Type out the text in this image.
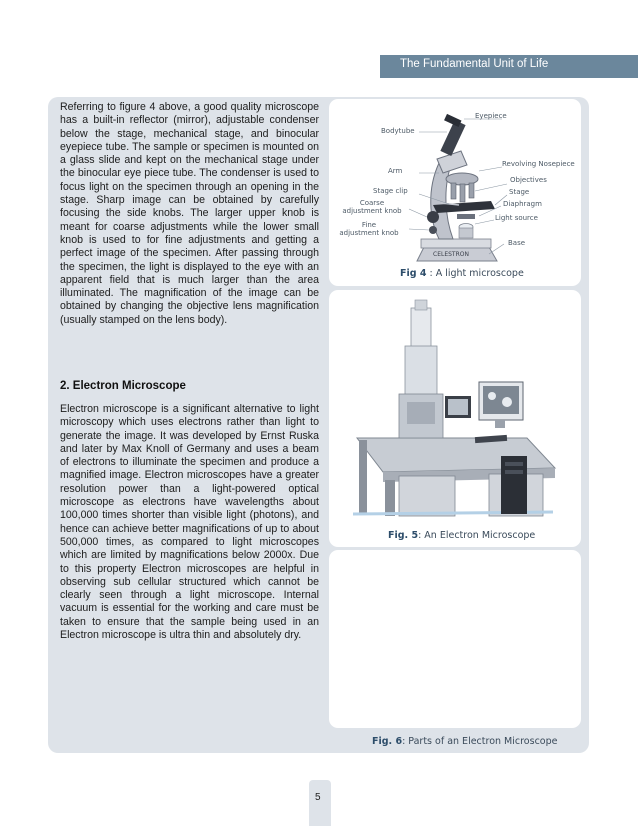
The Fundamental Unit of Life

Referring to figure 4 above, a good quality microscope has a built-in reflector (mirror), adjustable condenser below the stage, mechanical stage, and binocular eyepiece tube. The sample or specimen is mounted on a glass slide and kept on the mechanical stage under the binocular eye piece tube. The condenser is used to focus light on the specimen through an opening in the stage. Sharp image can be obtained by carefully focusing the side knobs. The larger upper knob is meant for coarse adjustments while the lower small knob is used to for fine adjustments and getting a perfect image of the specimen. After passing through the specimen, the light is displayed to the eye with an apparent field that is much larger than the area illuminated. The magnification of the image can be obtained by changing the objective lens magnification (usually stamped on the lens body).

2. Electron Microscope

Electron microscope is a significant alternative to light microscopy which uses electrons rather than light to generate the image. It was developed by Ernst Ruska and later by Max Knoll of Germany and uses a beam of electrons to illuminate the specimen and produce a magnified image. Electron microscopes have a greater resolution power than a light-powered optical microscope as electrons have wavelengths about 100,000 times shorter than visible light (photons), and hence can achieve better magnifications of up to about 500,000 times, as compared to light microscopes which are limited by magnifications below 2000x. Due to this property Electron microscopes are helpful in observing sub cellular structured which cannot be clearly seen through a light microscope. Internal vacuum is essential for the working and care must be taken to ensure that the sample being used in an Electron microscope is ultra thin and absolutely dry.

CELESTRON
Eyepiece
Bodytube
Arm
Revolving Nosepiece
Objectives
Stage clip	Stage
Coarse
adjustment knob
Diaphragm
Fine
adjustment knob
Light source
Base
Fig 4 : A light microscope
Fig. 5: An Electron Microscope
Fig. 6: Parts of an Electron Microscope
5
